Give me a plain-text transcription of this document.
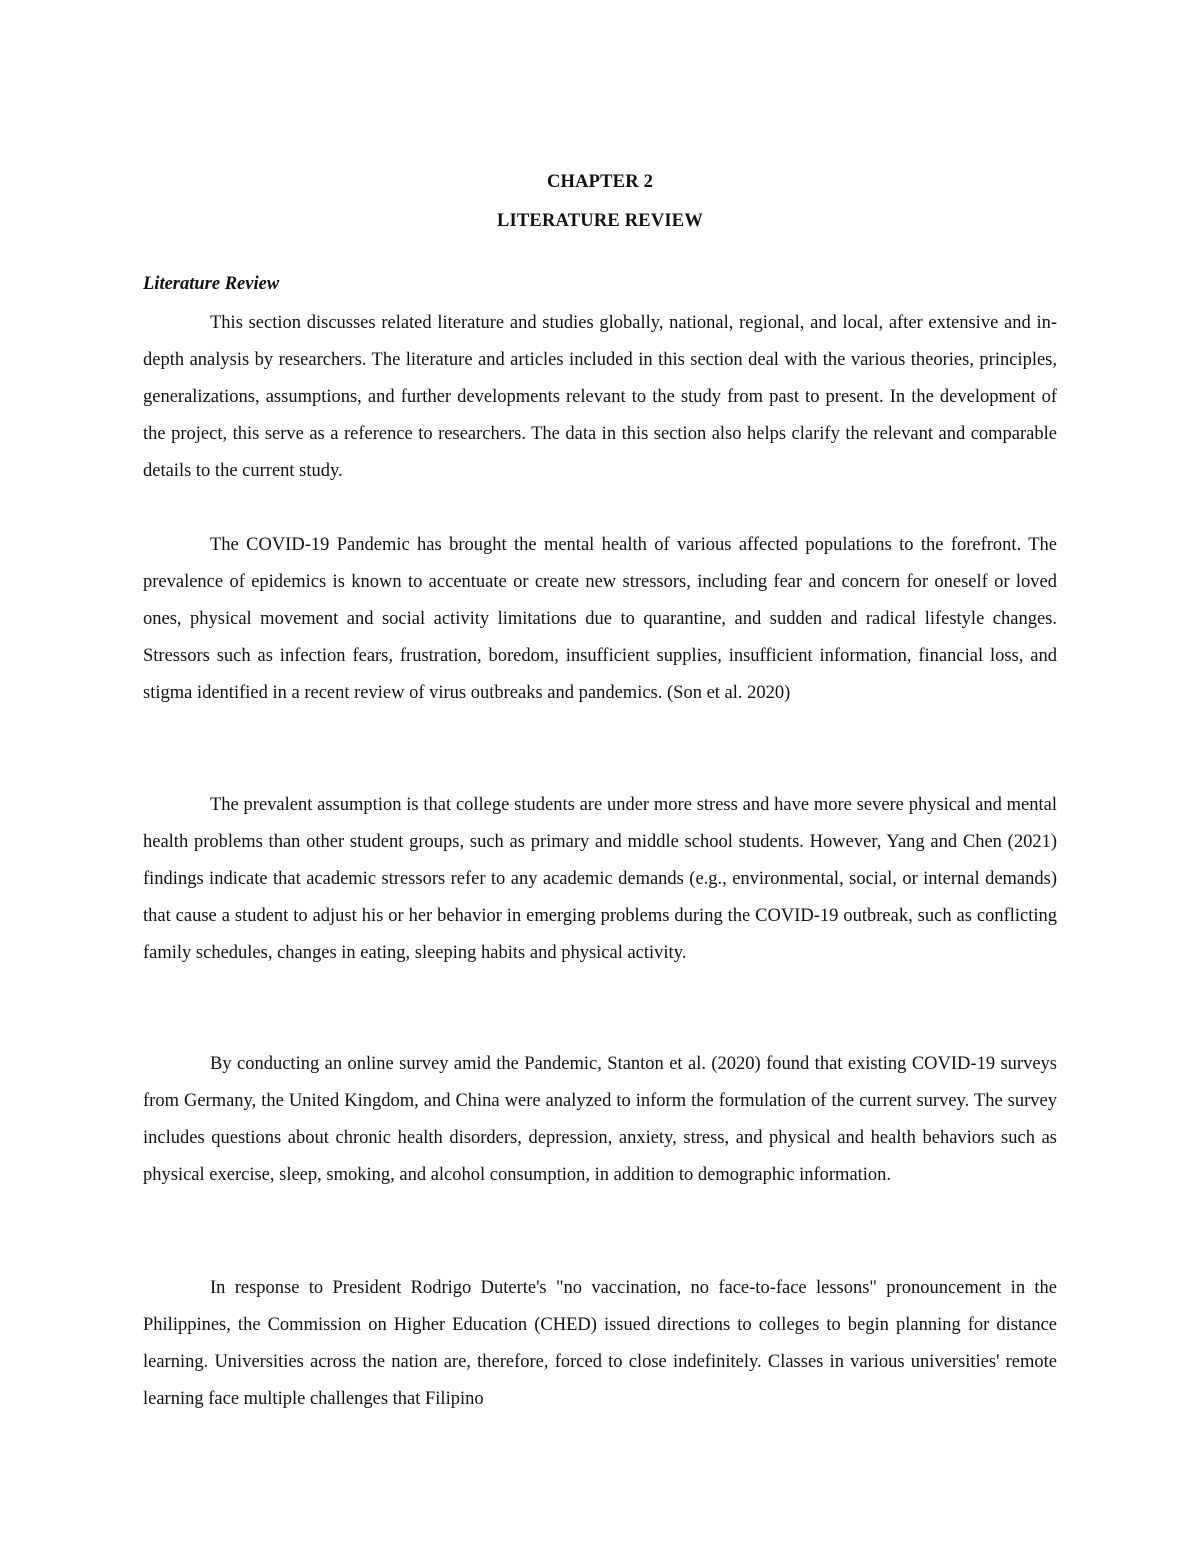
CHAPTER 2
LITERATURE REVIEW
Literature Review

This section discusses related literature and studies globally, national, regional, and local, after extensive and in-depth analysis by researchers. The literature and articles included in this section deal with the various theories, principles, generalizations, assumptions, and further developments relevant to the study from past to present. In the development of the project, this serve as a reference to researchers. The data in this section also helps clarify the relevant and comparable details to the current study.

The COVID-19 Pandemic has brought the mental health of various affected populations to the forefront. The prevalence of epidemics is known to accentuate or create new stressors, including fear and concern for oneself or loved ones, physical movement and social activity limitations due to quarantine, and sudden and radical lifestyle changes. Stressors such as infection fears, frustration, boredom, insufficient supplies, insufficient information, financial loss, and stigma identified in a recent review of virus outbreaks and pandemics. (Son et al. 2020)

The prevalent assumption is that college students are under more stress and have more severe physical and mental health problems than other student groups, such as primary and middle school students. However, Yang and Chen (2021) findings indicate that academic stressors refer to any academic demands (e.g., environmental, social, or internal demands) that cause a student to adjust his or her behavior in emerging problems during the COVID-19 outbreak, such as conflicting family schedules, changes in eating, sleeping habits and physical activity.

By conducting an online survey amid the Pandemic, Stanton et al. (2020) found that existing COVID-19 surveys from Germany, the United Kingdom, and China were analyzed to inform the formulation of the current survey. The survey includes questions about chronic health disorders, depression, anxiety, stress, and physical and health behaviors such as physical exercise, sleep, smoking, and alcohol consumption, in addition to demographic information.

In response to President Rodrigo Duterte's "no vaccination, no face-to-face lessons" pronouncement in the Philippines, the Commission on Higher Education (CHED) issued directions to colleges to begin planning for distance learning. Universities across the nation are, therefore, forced to close indefinitely. Classes in various universities' remote learning face multiple challenges that Filipino
